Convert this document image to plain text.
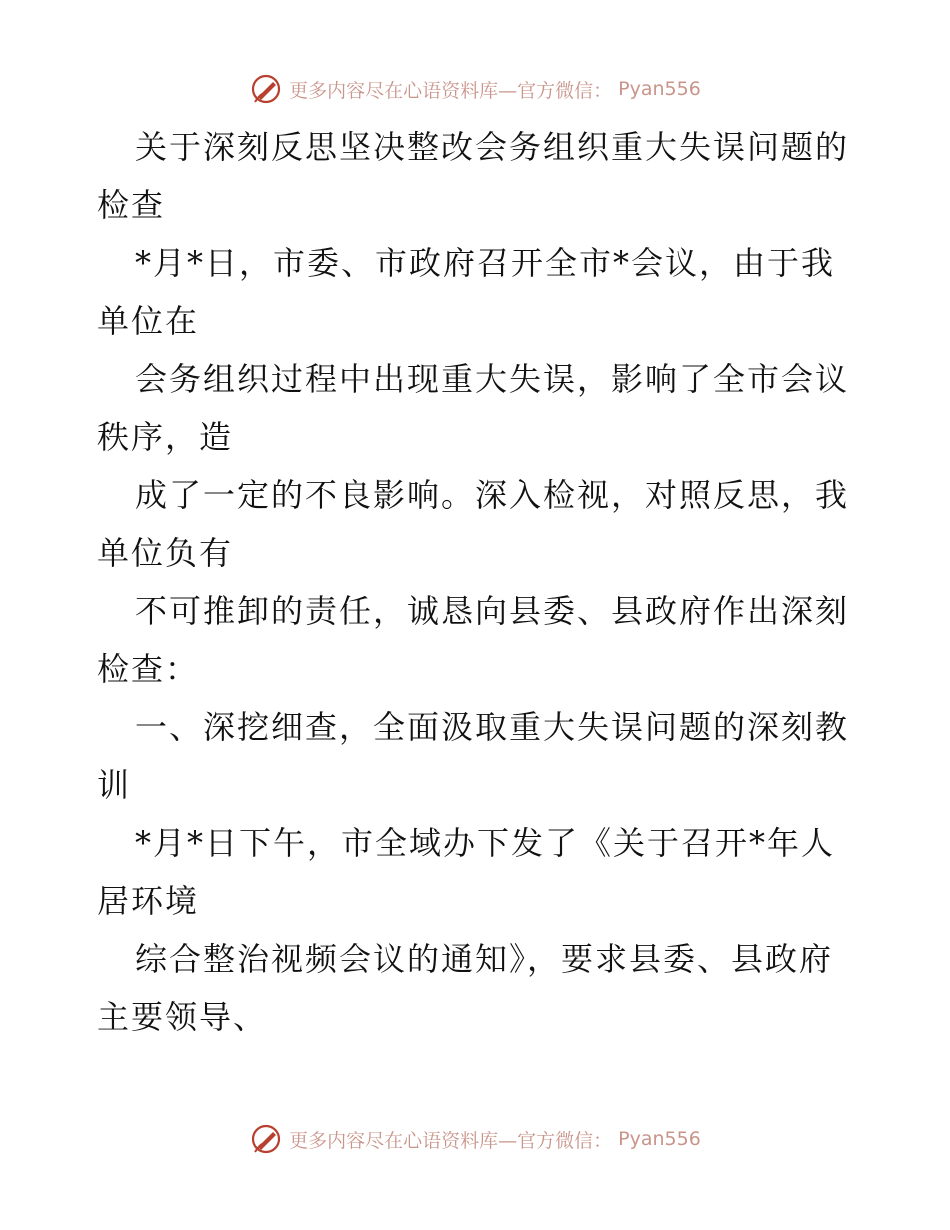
更多内容尽在心语资料库—官方微信： Pyan556
关于深刻反思坚决整改会务组织重大失误问题的
检查
*月*日，市委、市政府召开全市*会议，由于我
单位在
会务组织过程中出现重大失误，影响了全市会议
秩序，造
成了一定的不良影响。深入检视，对照反思，我
单位负有
不可推卸的责任，诚恳向县委、县政府作出深刻
检查：
一、深挖细查，全面汲取重大失误问题的深刻教
训
*月*日下午，市全域办下发了《关于召开*年人
居环境
综合整治视频会议的通知》，要求县委、县政府
主要领导、
更多内容尽在心语资料库—官方微信： Pyan556
